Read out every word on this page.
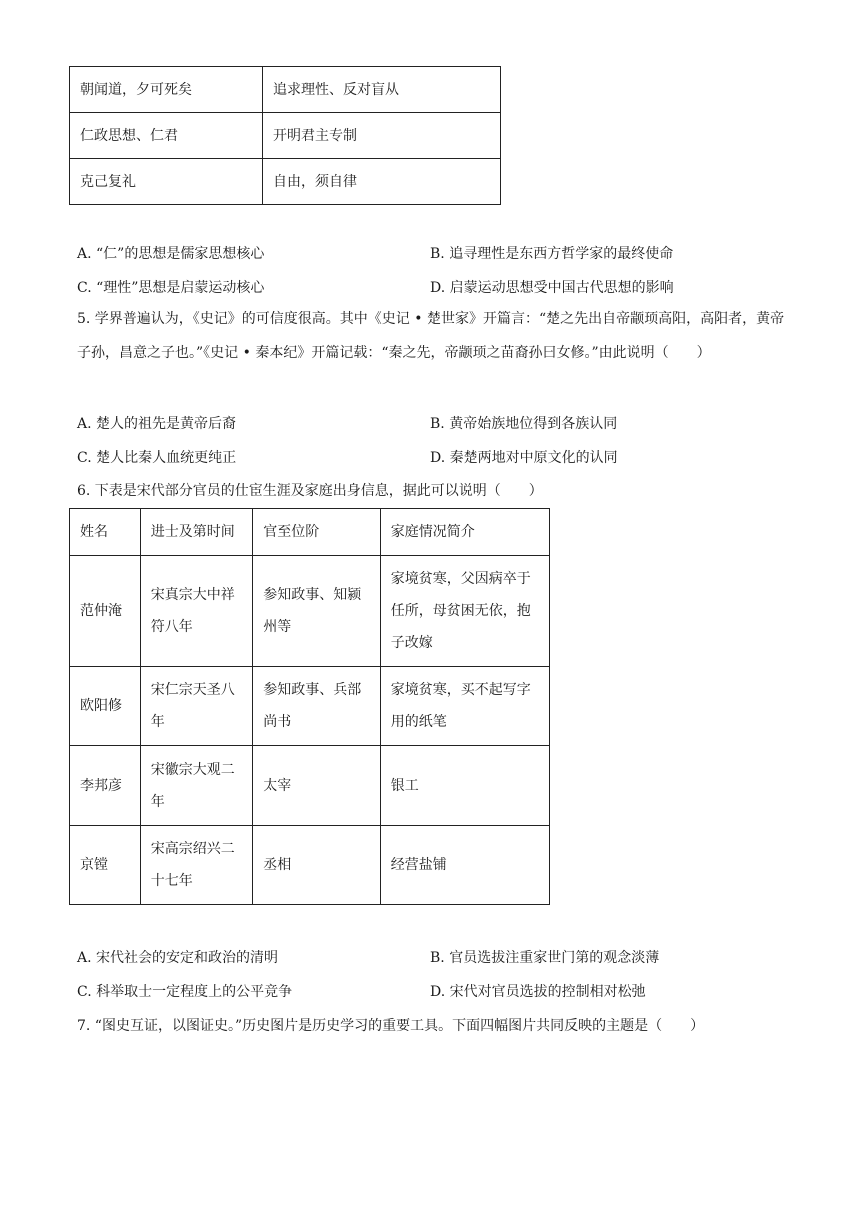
朝闻道，夕可死矣	追求理性、反对盲从
仁政思想、仁君	开明君主专制
克己复礼	自由，须自律
A. “仁”的思想是儒家思想核心	B. 追寻理性是东西方哲学家的最终使命
C. “理性”思想是启蒙运动核心	D. 启蒙运动思想受中国古代思想的影响
5. 学界普遍认为，《史记》的可信度很高。其中《史记 • 楚世家》开篇言：“楚之先出自帝颛顼高阳，高阳者，黄帝子孙，昌意之子也。”《史记 • 秦本纪》开篇记载：“秦之先，帝颛顼之苗裔孙曰女修。”由此说明（　　）
A. 楚人的祖先是黄帝后裔	B. 黄帝始族地位得到各族认同
C. 楚人比秦人血统更纯正	D. 秦楚两地对中原文化的认同
6. 下表是宋代部分官员的仕宦生涯及家庭出身信息，据此可以说明（　　）
姓名	进士及第时间	官至位阶	家庭情况简介
范仲淹	宋真宗大中祥符八年	参知政事、知颍州等	家境贫寒，父因病卒于任所，母贫困无依，抱子改嫁
欧阳修	宋仁宗天圣八年	参知政事、兵部尚书	家境贫寒，买不起写字用的纸笔
李邦彦	宋徽宗大观二年	太宰	银工
京镗	宋高宗绍兴二十七年	丞相	经营盐铺
A. 宋代社会的安定和政治的清明	B. 官员选拔注重家世门第的观念淡薄
C. 科举取士一定程度上的公平竞争	D. 宋代对官员选拔的控制相对松弛
7. “图史互证，以图证史。”历史图片是历史学习的重要工具。下面四幅图片共同反映的主题是（　　）
